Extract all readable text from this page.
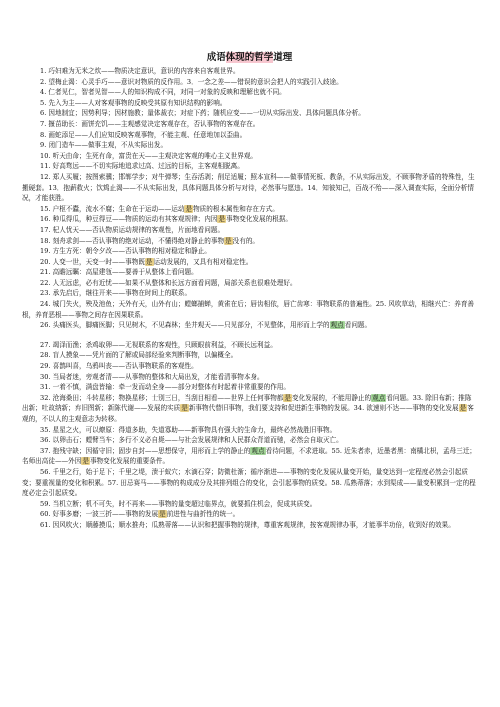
成语体现的哲学道理
1. 巧妇难为无米之炊——物质决定意识，意识的内容来自客观世界。
2. 望梅止渴：心灵手巧——意识对物质的反作用。3．一念之差——错误的意识会把人的实践引入歧途。
4. 仁者见仁，智者见智——人的知识构成不同，对同一对象的反映和理解也就不同。
5. 先入为主——人对客观事物的反映受其原有知识结构的影响。
6. 因地制宜；因势利导；因材施教；量体裁衣；对症下药；随机应变——一切从实际出发、具体问题具体分析。
7. 揠苗助长：画饼充饥——主观感觉决定客观存在，否认事物的客观存在。
8. 画蛇添足——人们应知反映客观事物，不能主观、任意地加以歪曲。
9. 闭门造车——做事主观，不从实际出发。
10. 听天由命；生死有命，富贵在天——主观决定客观的唯心主义世界观。
11. 好高骛远——不切实际地追求过高、过远的目标，主客观相脱离。
12. 郑人买履；按图索骥；邯郸学步；对牛弹琴；生吞活剥；削足适履；照本宣科——做事情死板、教条，不从实际出发，不顾事物矛盾的特殊性，生搬硬套。13．抱薪救火；饮鸩止渴——不从实际出发，具体问题具体分析与对待，必然事与愿违。14．知彼知己，百战不殆——深入调查实际，全面分析情况，才能获胜。
15. 户枢不蠹，流水不腐；生命在于运动——运动是物质的根本属性和存在方式。
16. 种瓜得瓜，种豆得豆——物质的运动有其客观规律；内因是事物变化发展的根据。
17. 杞人忧天——否认物质运动规律的客观性，片面地看问题。
18. 刻舟求剑——否认事物的绝对运动，不懂得绝对静止的事物是没有的。
19. 方生方死：朝令夕改——否认事物的相对稳定和静止。
20. 人变一世，天变一时——事物既是运动发展的，又具有相对稳定性。
21. 高瞻远瞩：高屋建瓴——要善于从整体上看问题。
22. 人无远虑，必有近忧——如果不从整体和长远方面看问题，局部关系也很难处理好。
23. 承先启后，继往开来——事物在时间上的联系。
24. 城门失火，殃及池鱼；天外有天，山外有山；螳螂捕蝉，黄雀在后；唇齿相依，唇亡齿寒：事物联系的普遍性。25. 风吹草动，相继兴亡：养育善根，养育恶根——事物之间存在因果联系。
26. 头痛医头，脚痛医脚；只见树木，不见森林；坐井观天——只见部分，不见整体，用形而上学的观点看问题。
27. 竭泽而渔；杀鸡取卵——无视联系的客观性，只顾眼前利益，不顾长远利益。
28. 盲人摸象——凭片面的了解或局部经验来判断事物，以偏概全。
29. 喜鹊叫喜，乌鸦叫丧——否认事物联系的客观性。
30. 当局者迷，旁观者清——从事物的整体和大局出发，才能看清事物本身。
31. 一着不慎，满盘皆输：牵一发而动全身——部分对整体有时起着非常重要的作用。
32. 沧海桑田；斗转星移；物换星移；士别三日，当刮目相看——世界上任何事物都是变化发展的，不能用静止的观点看问题。33. 除旧布新；推陈出新；吐故纳新；弃旧图新；新陈代谢——发展的实质是新事物代替旧事物，我们要支持和促进新生事物的发展。34. 欲速则不达——事物的变化发展是客观的，不以人的主观意志为转移。
35. 星星之火，可以燎原：得道多助，失道寡助——新事物具有强大的生命力，最终必然战胜旧事物。
36. 以卵击石；螳臂当车；多行不义必自毙——与社会发展规律和人民群众背道而驰，必然会自取灭亡。
37. 抱残守缺；因循守旧；固步自封——思想保守，用形而上学的静止的观点看待问题，不求进取。55. 近朱者赤，近墨者黑：南橘北枳，孟母三迁；名师出高徒——外因是事物变化发展的重要条件。
56. 千里之行，始于足下；千里之堤，溃于蚁穴；水滴石穿；防微杜渐；循序渐进——事物的变化发展从量变开始，量变达到一定程度必然会引起质变；要重视量的变化和积累。57. 田忌赛马——事物的构成成分及其排列组合的变化，会引起事物的质变。58. 瓜熟蒂落；水到渠成——量变积累到一定的程度必定会引起质变。
59. 当机立断；机不可失，时不再来——事物的量变超过临界点，就要抓住机会，促成其质变。
60. 好事多磨；一波三折——事物的发展是前进性与曲折性的统一。
61. 因风吹火；顺藤摸瓜；顺水推舟；瓜熟蒂落——认识和把握事物的规律，尊重客观规律，按客观规律办事，才能事半功倍，收到好的效果。
